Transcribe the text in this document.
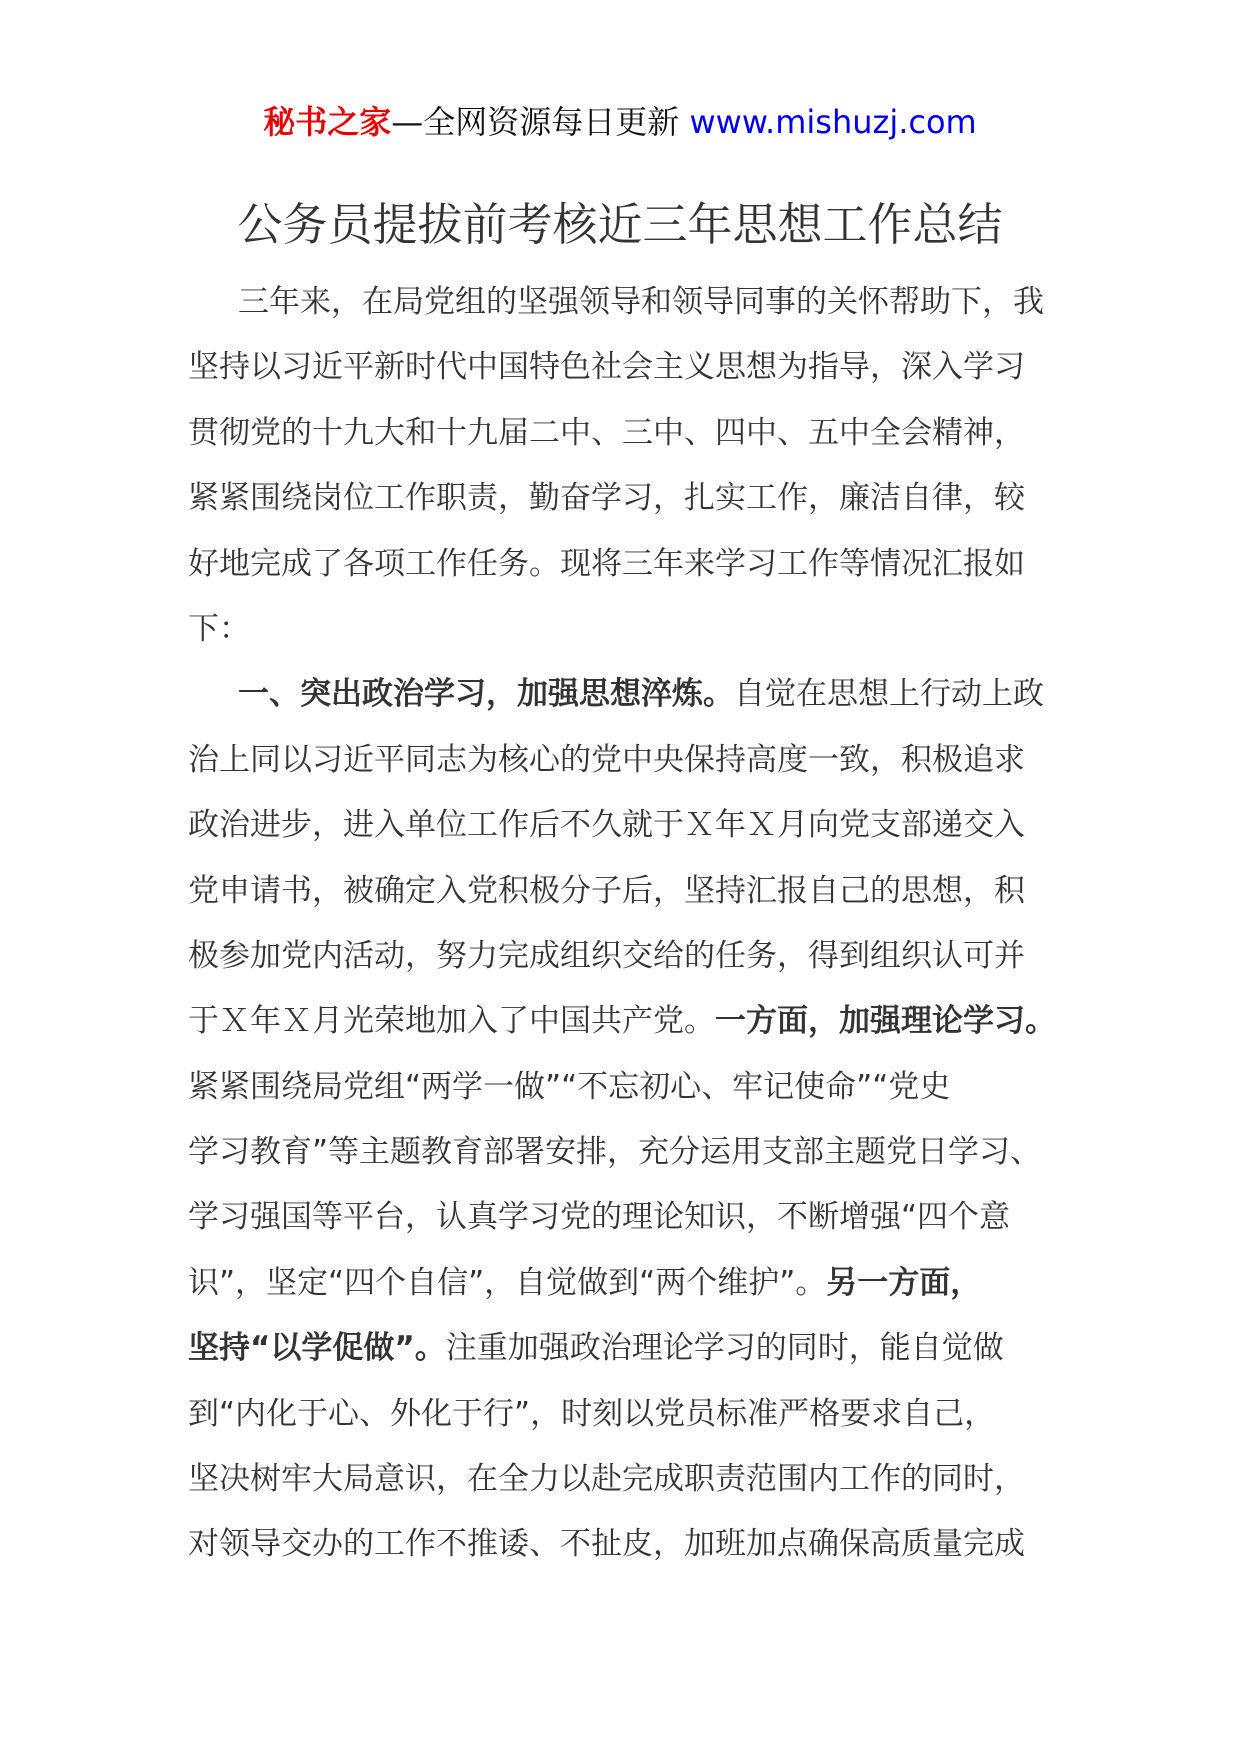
秘书之家—全网资源每日更新 www.mishuzj.com
公务员提拔前考核近三年思想工作总结
三年来，在局党组的坚强领导和领导同事的关怀帮助下，我
坚持以习近平新时代中国特色社会主义思想为指导，深入学习
贯彻党的十九大和十九届二中、三中、四中、五中全会精神，
紧紧围绕岗位工作职责，勤奋学习，扎实工作，廉洁自律，较
好地完成了各项工作任务。现将三年来学习工作等情况汇报如
下：
一、突出政治学习，加强思想淬炼。自觉在思想上行动上政
治上同以习近平同志为核心的党中央保持高度一致，积极追求
政治进步，进入单位工作后不久就于Ｘ年Ｘ月向党支部递交入
党申请书，被确定入党积极分子后，坚持汇报自己的思想，积
极参加党内活动，努力完成组织交给的任务，得到组织认可并
于Ｘ年Ｘ月光荣地加入了中国共产党。一方面，加强理论学习。
紧紧围绕局党组“两学一做”“不忘初心、牢记使命”“党史
学习教育”等主题教育部署安排，充分运用支部主题党日学习、
学习强国等平台，认真学习党的理论知识，不断增强“四个意
识”，坚定“四个自信”，自觉做到“两个维护”。另一方面，
坚持“以学促做”。注重加强政治理论学习的同时，能自觉做
到“内化于心、外化于行”，时刻以党员标准严格要求自己，
坚决树牢大局意识，在全力以赴完成职责范围内工作的同时，
对领导交办的工作不推诿、不扯皮，加班加点确保高质量完成
